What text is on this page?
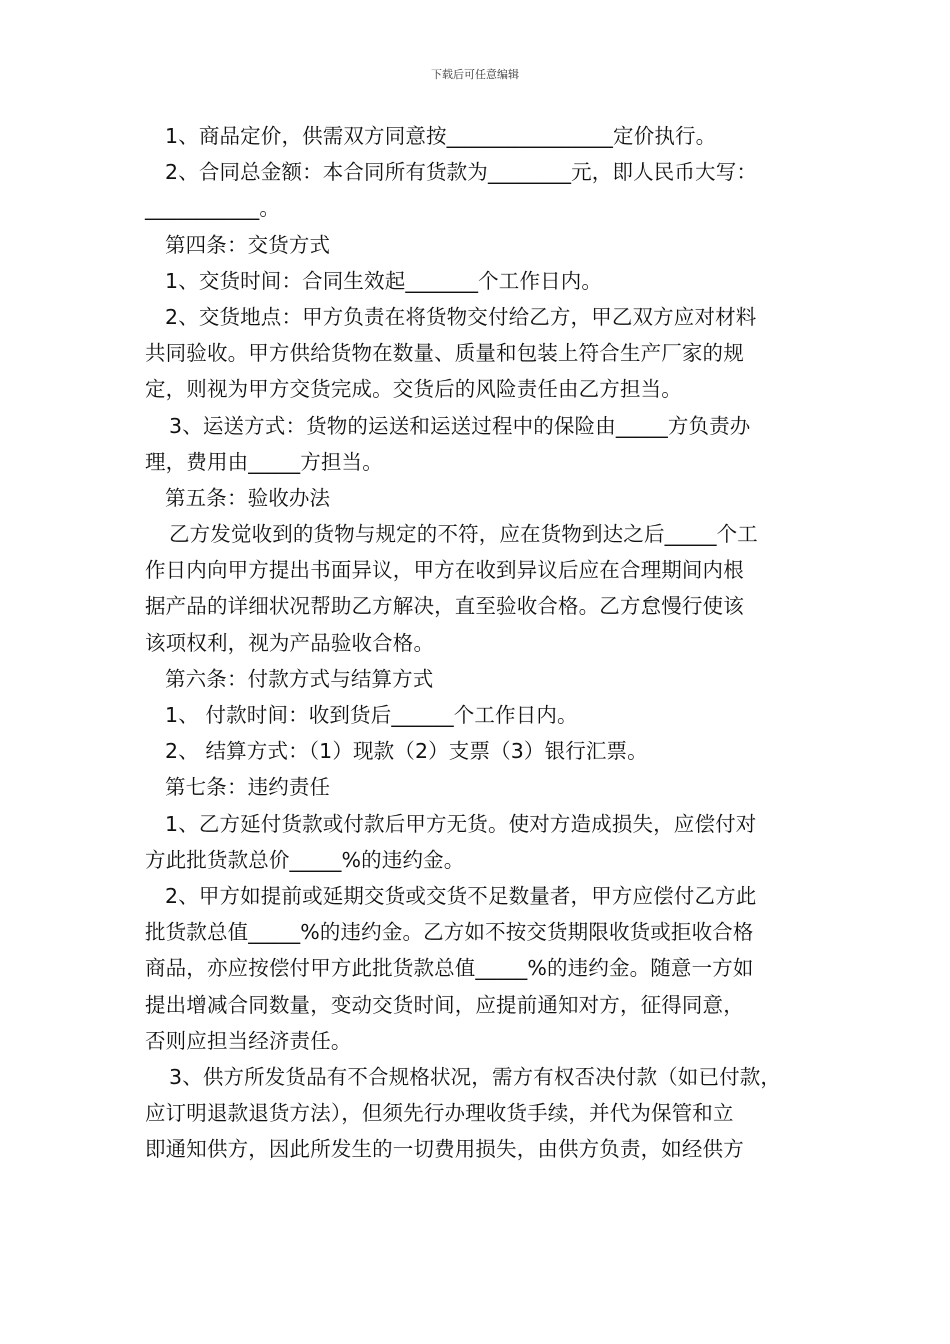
下载后可任意编辑
1、商品定价，供需双方同意按________________定价执行。
2、合同总金额：本合同所有货款为________元，即人民币大写：
___________。
第四条：交货方式
1、交货时间：合同生效起_______个工作日内。
2、交货地点：甲方负责在将货物交付给乙方，甲乙双方应对材料
共同验收。甲方供给货物在数量、质量和包装上符合生产厂家的规
定，则视为甲方交货完成。交货后的风险责任由乙方担当。
3、运送方式：货物的运送和运送过程中的保险由_____方负责办
理，费用由_____方担当。
第五条：验收办法
乙方发觉收到的货物与规定的不符，应在货物到达之后_____个工
作日内向甲方提出书面异议，甲方在收到异议后应在合理期间内根
据产品的详细状况帮助乙方解决，直至验收合格。乙方怠慢行使该
该项权利，视为产品验收合格。
第六条：付款方式与结算方式
1、 付款时间：收到货后______个工作日内。
2、 结算方式：（1）现款（2）支票（3）银行汇票。
第七条：违约责任
1、乙方延付货款或付款后甲方无货。使对方造成损失，应偿付对
方此批货款总价_____%的违约金。
2、甲方如提前或延期交货或交货不足数量者，甲方应偿付乙方此
批货款总值_____%的违约金。乙方如不按交货期限收货或拒收合格
商品，亦应按偿付甲方此批货款总值_____%的违约金。随意一方如
提出增减合同数量，变动交货时间，应提前通知对方，征得同意，
否则应担当经济责任。
3、供方所发货品有不合规格状况，需方有权否决付款（如已付款，
应订明退款退货方法），但须先行办理收货手续，并代为保管和立
即通知供方，因此所发生的一切费用损失，由供方负责，如经供方
